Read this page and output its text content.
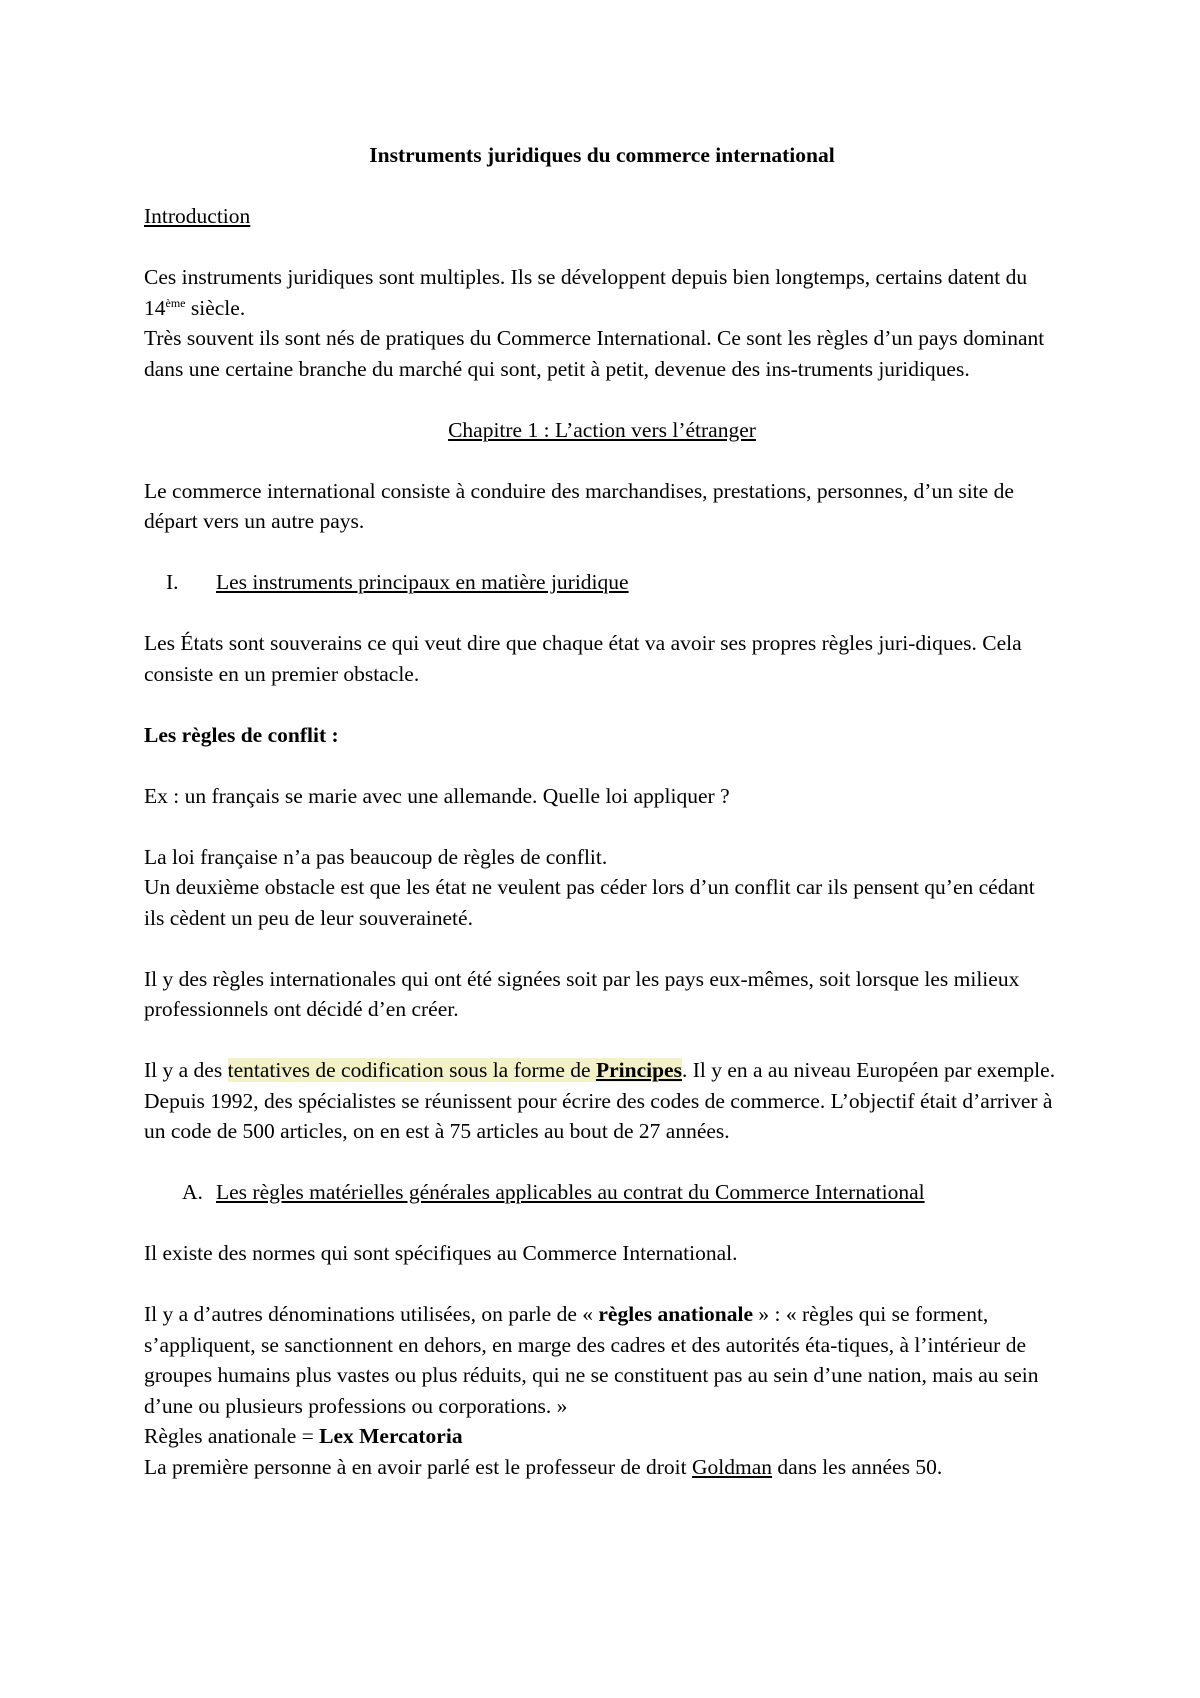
Instruments juridiques du commerce international

Introduction

Ces instruments juridiques sont multiples. Ils se développent depuis bien longtemps, certains datent du 14ème siècle.

Très souvent ils sont nés de pratiques du Commerce International. Ce sont les règles d’un pays dominant dans une certaine branche du marché qui sont, petit à petit, devenue des ins-truments juridiques.

Chapitre 1 : L’action vers l’étranger

Le commerce international consiste à conduire des marchandises, prestations, personnes, d’un site de départ vers un autre pays.

I. Les instruments principaux en matière juridique

Les États sont souverains ce qui veut dire que chaque état va avoir ses propres règles juri-diques. Cela consiste en un premier obstacle.

Les règles de conflit :

Ex : un français se marie avec une allemande. Quelle loi appliquer ?

La loi française n’a pas beaucoup de règles de conflit.

Un deuxième obstacle est que les état ne veulent pas céder lors d’un conflit car ils pensent qu’en cédant ils cèdent un peu de leur souveraineté.

Il y des règles internationales qui ont été signées soit par les pays eux-mêmes, soit lorsque les milieux professionnels ont décidé d’en créer.

Il y a des tentatives de codification sous la forme de Principes. Il y en a au niveau Européen par exemple.

Depuis 1992, des spécialistes se réunissent pour écrire des codes de commerce. L’objectif était d’arriver à un code de 500 articles, on en est à 75 articles au bout de 27 années.

A. Les règles matérielles générales applicables au contrat du Commerce International

Il existe des normes qui sont spécifiques au Commerce International.

Il y a d’autres dénominations utilisées, on parle de « règles anationale » : « règles qui se forment, s’appliquent, se sanctionnent en dehors, en marge des cadres et des autorités éta-tiques, à l’intérieur de groupes humains plus vastes ou plus réduits, qui ne se constituent pas au sein d’une nation, mais au sein d’une ou plusieurs professions ou corporations. »

Règles anationale = Lex Mercatoria

La première personne à en avoir parlé est le professeur de droit Goldman dans les années 50.
